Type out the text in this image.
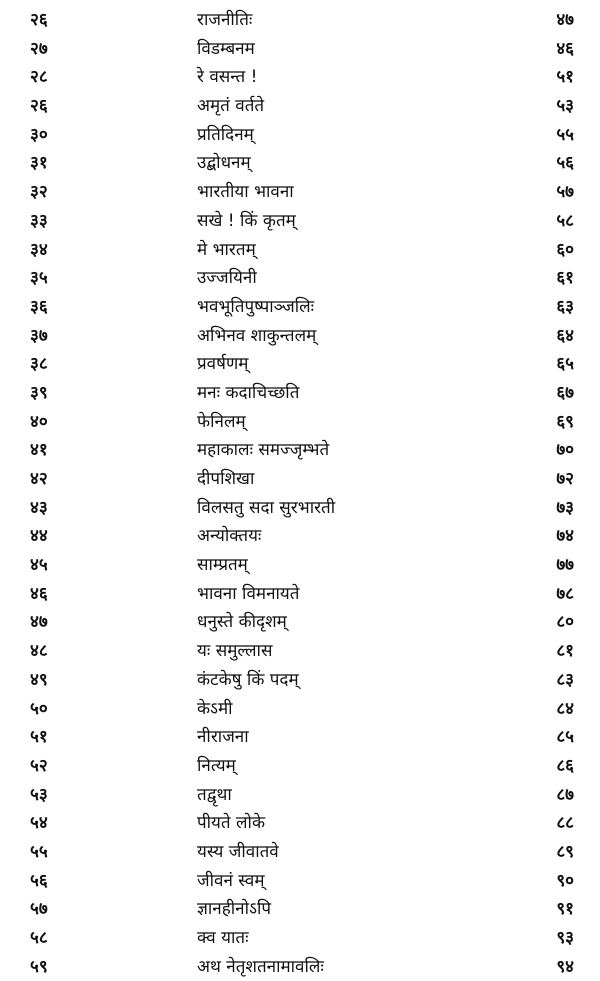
२६	राजनीतिः	४७
२७	विडम्बनम	४६
२८	रे वसन्त !	५१
२६	अमृतं वर्तते	५३
३०	प्रतिदिनम्	५५
३१	उद्बोधनम्	५६
३२	भारतीया भावना	५७
३३	सखे ! किं कृतम्	५८
३४	मे भारतम्	६०
३५	उज्जयिनी	६१
३६	भवभूतिपुष्पाञ्जलिः	६३
३७	अभिनव शाकुन्तलम्	६४
३८	प्रवर्षणम्	६५
३९	मनः कदाचिच्छति	६७
४०	फेनिलम्	६९
४१	महाकालः समज्जृम्भते	७०
४२	दीपशिखा	७२
४३	विलसतु सदा सुरभारती	७३
४४	अन्योक्तयः	७४
४५	साम्प्रतम्	७७
४६	भावना विमनायते	७८
४७	धनुस्ते कीदृशम्	८०
४८	यः समुल्लास	८१
४९	कंटकेषु किं पदम्	८३
५०	केऽमी	८४
५१	नीराजना	८५
५२	नित्यम्	८६
५३	तद्वृथा	८७
५४	पीयते लोके	८८
५५	यस्य जीवातवे	८९
५६	जीवनं स्वम्	९०
५७	ज्ञानहीनोऽपि	९१
५८	क्व यातः	९३
५९	अथ नेतृशतनामावलिः	९४
